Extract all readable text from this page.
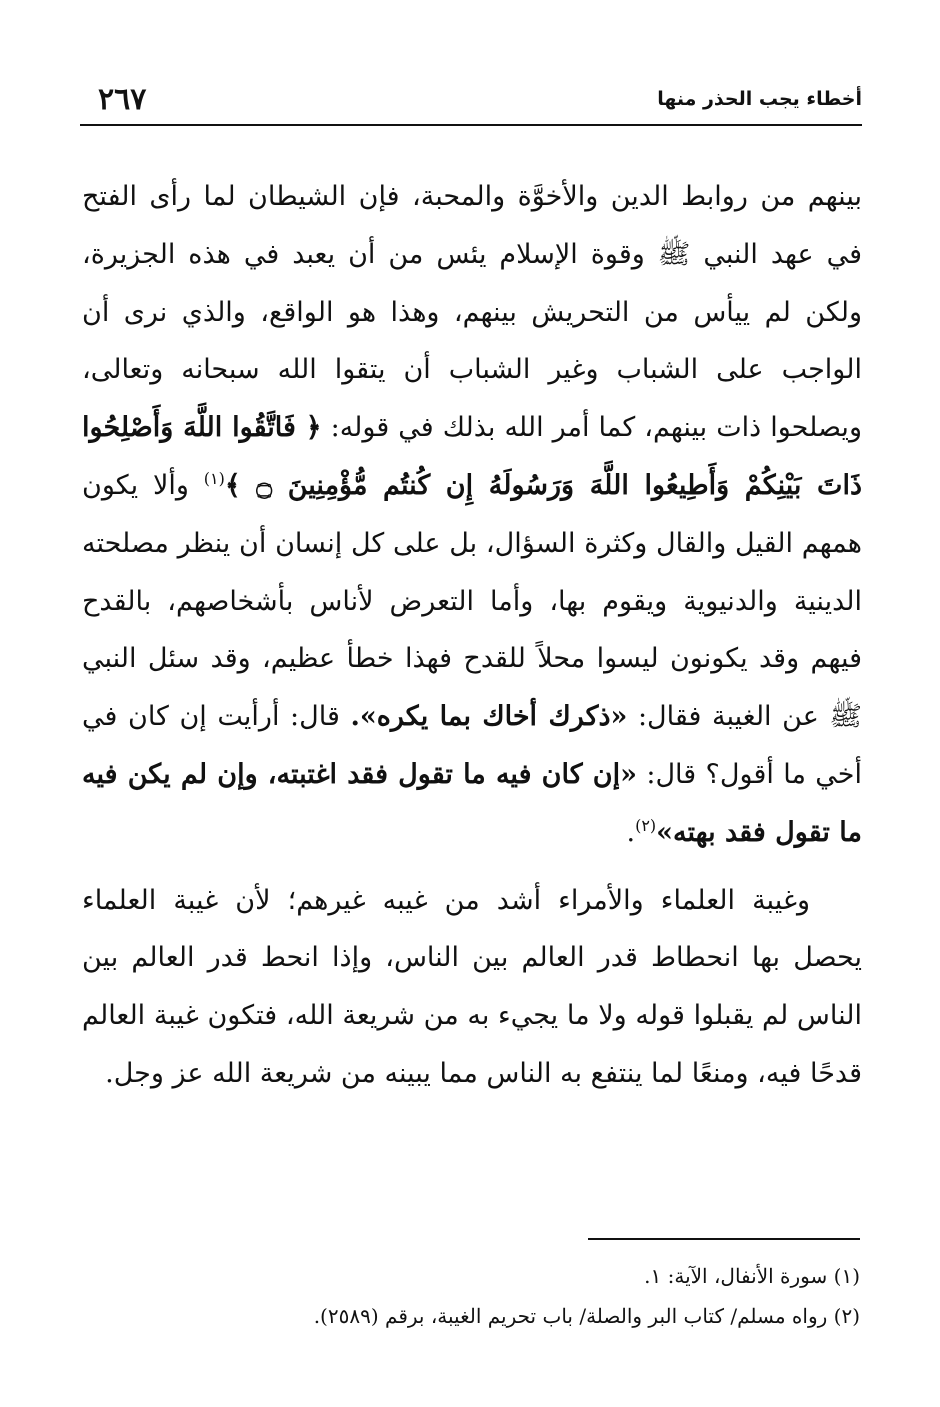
أخطاء يجب الحذر منها
٢٦٧

بينهم من روابط الدين والأخوَّة والمحبة، فإن الشيطان لما رأى الفتح في عهد النبي ﷺ وقوة الإسلام يئس من أن يعبد في هذه الجزيرة، ولكن لم ييأس من التحريش بينهم، وهذا هو الواقع، والذي نرى أن الواجب على الشباب وغير الشباب أن يتقوا الله سبحانه وتعالى، ويصلحوا ذات بينهم، كما أمر الله بذلك في قوله: ﴿ فَاتَّقُوا اللَّهَ وَأَصْلِحُوا ذَاتَ بَيْنِكُمْ وَأَطِيعُوا اللَّهَ وَرَسُولَهُ إِن كُنتُم مُّؤْمِنِينَ ۝ ﴾$^{(١)}$ وألا يكون همهم القيل والقال وكثرة السؤال، بل على كل إنسان أن ينظر مصلحته الدينية والدنيوية ويقوم بها، وأما التعرض لأناس بأشخاصهم، بالقدح فيهم وقد يكونون ليسوا محلاً للقدح فهذا خطأ عظيم، وقد سئل النبي ﷺ عن الغيبة فقال: «ذكرك أخاك بما يكره». قال: أرأيت إن كان في أخي ما أقول؟ قال: «إن كان فيه ما تقول فقد اغتبته، وإن لم يكن فيه ما تقول فقد بهته»$^{(٢)}$.

وغيبة العلماء والأمراء أشد من غيبه غيرهم؛ لأن غيبة العلماء يحصل بها انحطاط قدر العالم بين الناس، وإذا انحط قدر العالم بين الناس لم يقبلوا قوله ولا ما يجيء به من شريعة الله، فتكون غيبة العالم قدحًا فيه، ومنعًا لما ينتفع به الناس مما يبينه من شريعة الله عز وجل.

(١) سورة الأنفال، الآية: ١.
(٢) رواه مسلم/ كتاب البر والصلة/ باب تحريم الغيبة، برقم (٢٥٨٩).
